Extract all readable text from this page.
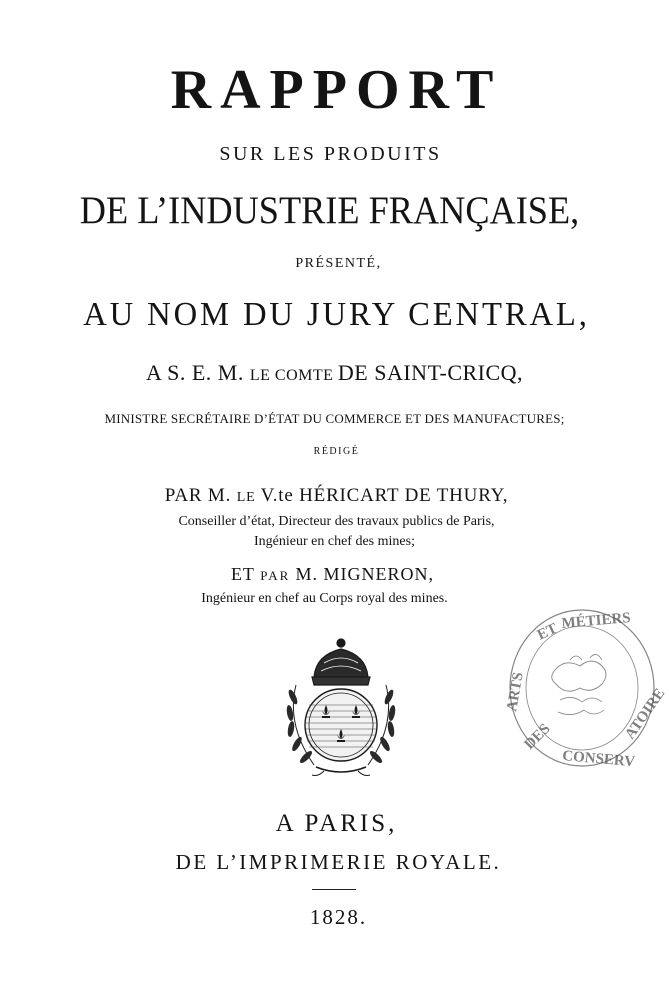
RAPPORT
SUR LES PRODUITS
DE L’INDUSTRIE FRANÇAISE,
PRÉSENTÉ,
AU NOM DU JURY CENTRAL,
A S. E. M. LE COMTE DE SAINT-CRICQ,
MINISTRE SECRÉTAIRE D’ÉTAT DU COMMERCE ET DES MANUFACTURES;
RÉDIGÉ
PAR M. LE V.te HÉRICART DE THURY,
Conseiller d’état, Directeur des travaux publics de Paris,
Ingénieur en chef des mines;
ET PAR M. MIGNERON,
Ingénieur en chef au Corps royal des mines.
ET MÉTIERS
ARTS
DES
CONSERV
ATOIRE
A PARIS,
DE L’IMPRIMERIE ROYALE.
1828.
